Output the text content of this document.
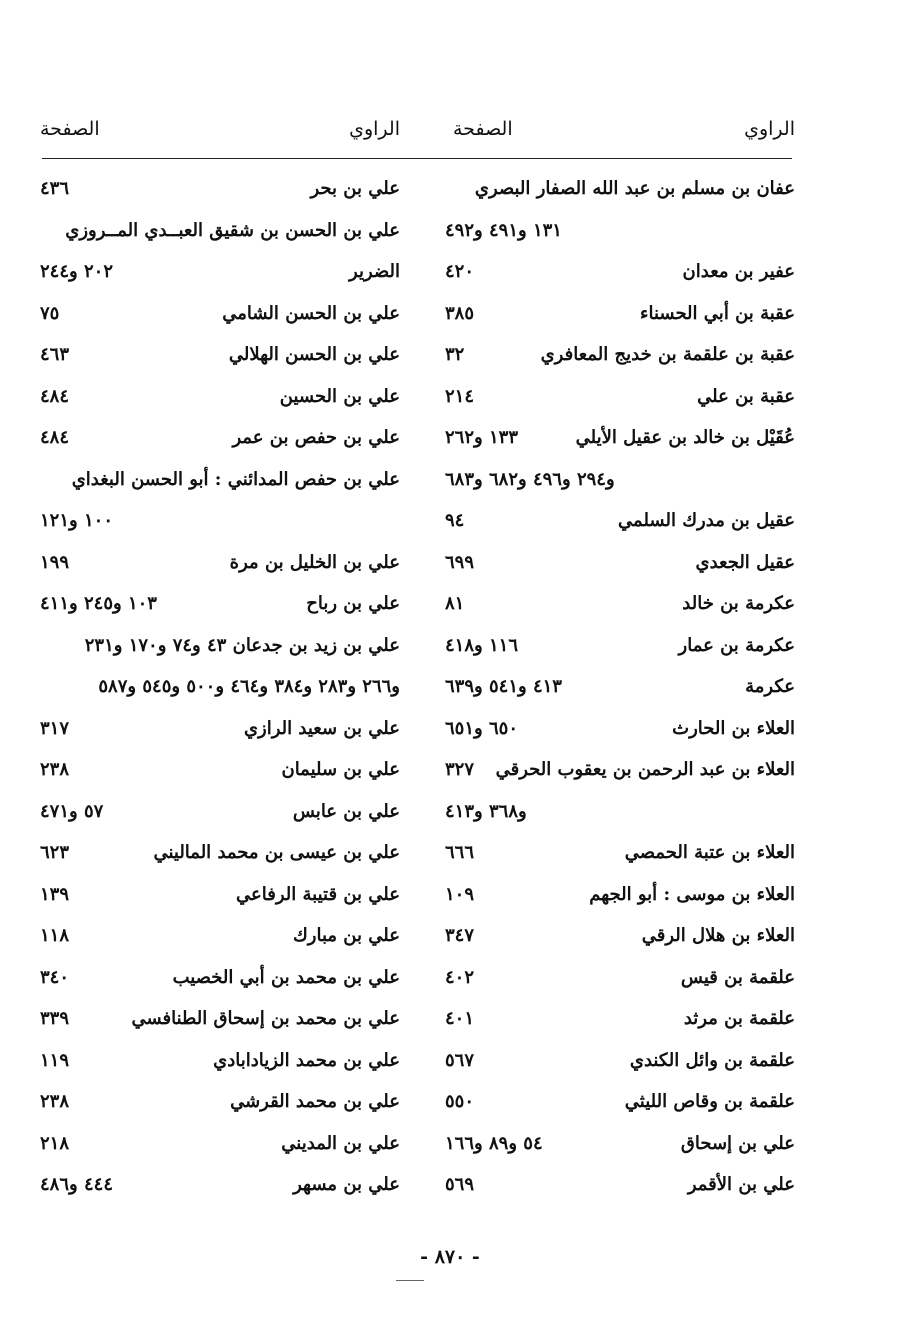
الراوي
الصفحة
عفان بن مسلم بن عبد الله الصفار البصري
١٣١ و٤٩١ و٤٩٢
عفير بن معدان
٤٢٠
عقبة بن أبي الحسناء
٣٨٥
عقبة بن علقمة بن خديج المعافري
٣٢
عقبة بن علي
٢١٤
عُقَيْل بن خالد بن عقيل الأيلي
١٣٣ و٢٦٢
و٢٩٤ و٤٩٦ و٦٨٢ و٦٨٣
عقيل بن مدرك السلمي
٩٤
عقيل الجعدي
٦٩٩
عكرمة بن خالد
٨١
عكرمة بن عمار
١١٦ و٤١٨
عكرمة
٤١٣ و٥٤١ و٦٣٩
العلاء بن الحارث
٦٥٠ و٦٥١
العلاء بن عبد الرحمن بن يعقوب الحرقي
٣٢٧
و٣٦٨ و٤١٣
العلاء بن عتبة الحمصي
٦٦٦
العلاء بن موسى : أبو الجهم
١٠٩
العلاء بن هلال الرقي
٣٤٧
علقمة بن قيس
٤٠٢
علقمة بن مرثد
٤٠١
علقمة بن وائل الكندي
٥٦٧
علقمة بن وقاص الليثي
٥٥٠
علي بن إسحاق
٥٤ و٨٩ و١٦٦
علي بن الأقمر
٥٦٩
الراوي
الصفحة
علي بن بحر
٤٣٦
علي بن الحسن بن شقيق العبــدي المــروزي
الضرير
٢٠٢ و٢٤٤
علي بن الحسن الشامي
٧٥
علي بن الحسن الهلالي
٤٦٣
علي بن الحسين
٤٨٤
علي بن حفص بن عمر
٤٨٤
علي بن حفص المدائني : أبو الحسن البغداي
١٠٠ و١٢١
علي بن الخليل بن مرة
١٩٩
علي بن رباح
١٠٣ و٢٤٥ و٤١١
علي بن زيد بن جدعان ٤٣ و٧٤ و١٧٠ و٢٣١
و٢٦٦ و٢٨٣ و٣٨٤ و٤٦٤ و٥٠٠ و٥٤٥ و٥٨٧
علي بن سعيد الرازي
٣١٧
علي بن سليمان
٢٣٨
علي بن عابس
٥٧ و٤٧١
علي بن عيسى بن محمد الماليني
٦٢٣
علي بن قتيبة الرفاعي
١٣٩
علي بن مبارك
١١٨
علي بن محمد بن أبي الخصيب
٣٤٠
علي بن محمد بن إسحاق الطنافسي
٣٣٩
علي بن محمد الزيادابادي
١١٩
علي بن محمد القرشي
٢٣٨
علي بن المديني
٢١٨
علي بن مسهر
٤٤٤ و٤٨٦
- ٨٧٠ -
